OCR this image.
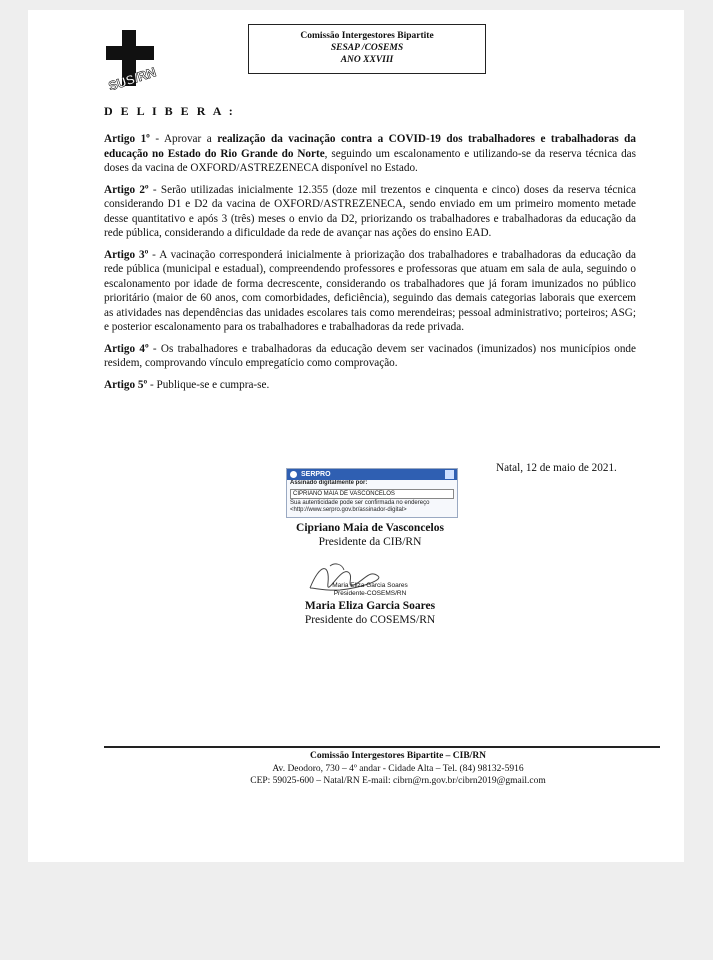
SUS/RN
Comissão Intergestores Bipartite
SESAP /COSEMS
ANO XXVIII
D E L I B E R A :

Artigo 1º - Aprovar a realização da vacinação contra a COVID-19 dos trabalhadores e trabalhadoras da educação no Estado do Rio Grande do Norte, seguindo um escalonamento e utilizando-se da reserva técnica das doses da vacina de OXFORD/ASTREZENECA disponível no Estado.

Artigo 2º - Serão utilizadas inicialmente 12.355 (doze mil trezentos e cinquenta e cinco) doses da reserva técnica considerando D1 e D2 da vacina de OXFORD/ASTREZENECA, sendo enviado em um primeiro momento metade desse quantitativo e após 3 (três) meses o envio da D2, priorizando os trabalhadores e trabalhadoras da educação da rede pública, considerando a dificuldade da rede de avançar nas ações do ensino EAD.

Artigo 3º - A vacinação corresponderá inicialmente à priorização dos trabalhadores e trabalhadoras da educação da rede pública (municipal e estadual), compreendendo professores e professoras que atuam em sala de aula, seguindo o escalonamento por idade de forma decrescente, considerando os trabalhadores que já foram imunizados no público prioritário (maior de 60 anos, com comorbidades, deficiência), seguindo das demais categorias laborais que exercem as atividades nas dependências das unidades escolares tais como merendeiras; pessoal administrativo; porteiros; ASG; e posterior escalonamento para os trabalhadores e trabalhadoras da rede privada.

Artigo 4º - Os trabalhadores e trabalhadoras da educação devem ser vacinados (imunizados) nos municípios onde residem, comprovando vínculo empregatício como comprovação.

Artigo 5º - Publique-se e cumpra-se.

Natal, 12 de maio de 2021.
SERPRO
Assinado digitalmente por:
CIPRIANO MAIA DE VASCONCELOS
Sua autenticidade pode ser confirmada no endereço
<http://www.serpro.gov.br/assinador-digital>
Cipriano Maia de Vasconcelos
Presidente da CIB/RN
Maria Eliza Garcia Soares
Presidente-COSEMS/RN
Maria Eliza Garcia Soares
Presidente do COSEMS/RN
Comissão Intergestores Bipartite – CIB/RN
Av. Deodoro, 730 – 4º andar - Cidade Alta – Tel. (84) 98132-5916
CEP: 59025-600 – Natal/RN E-mail: cibrn@rn.gov.br/cibrn2019@gmail.com
